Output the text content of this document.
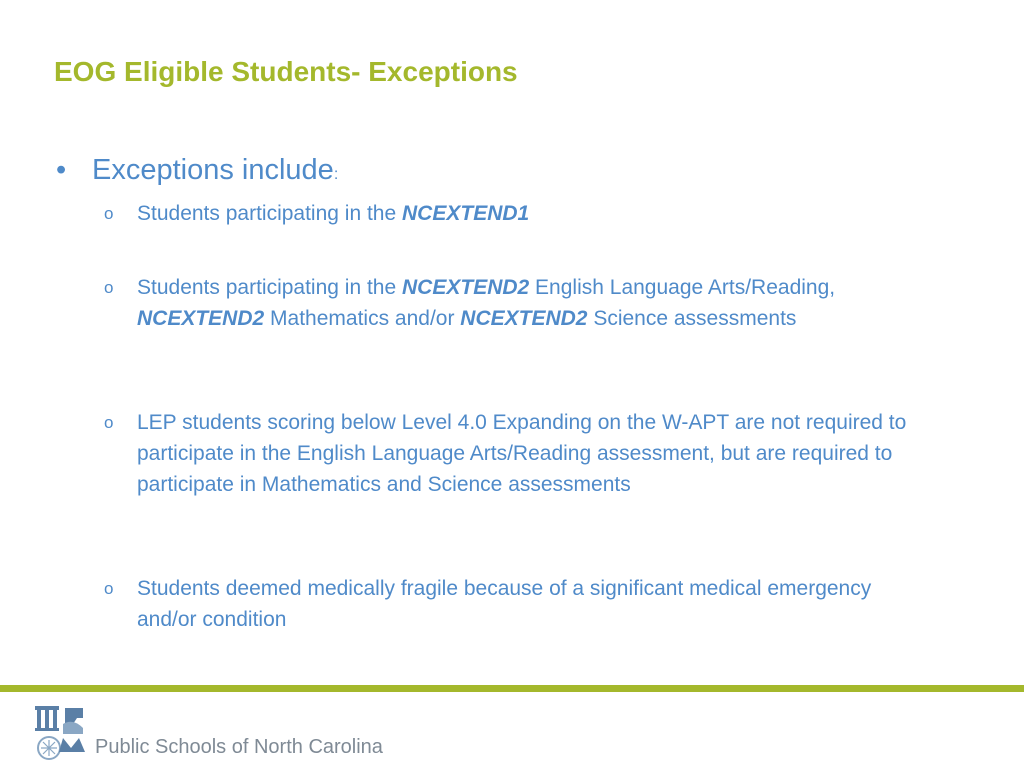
EOG Eligible Students- Exceptions
• Exceptions include:
o Students participating in the NCEXTEND1
o Students participating in the NCEXTEND2 English Language Arts/Reading, NCEXTEND2 Mathematics and/or NCEXTEND2 Science assessments
o LEP students scoring below Level 4.0 Expanding on the W-APT are not required to participate in the English Language Arts/Reading assessment, but are required to participate in Mathematics and Science assessments
o Students deemed medically fragile because of a significant medical emergency and/or condition
Public Schools of North Carolina
